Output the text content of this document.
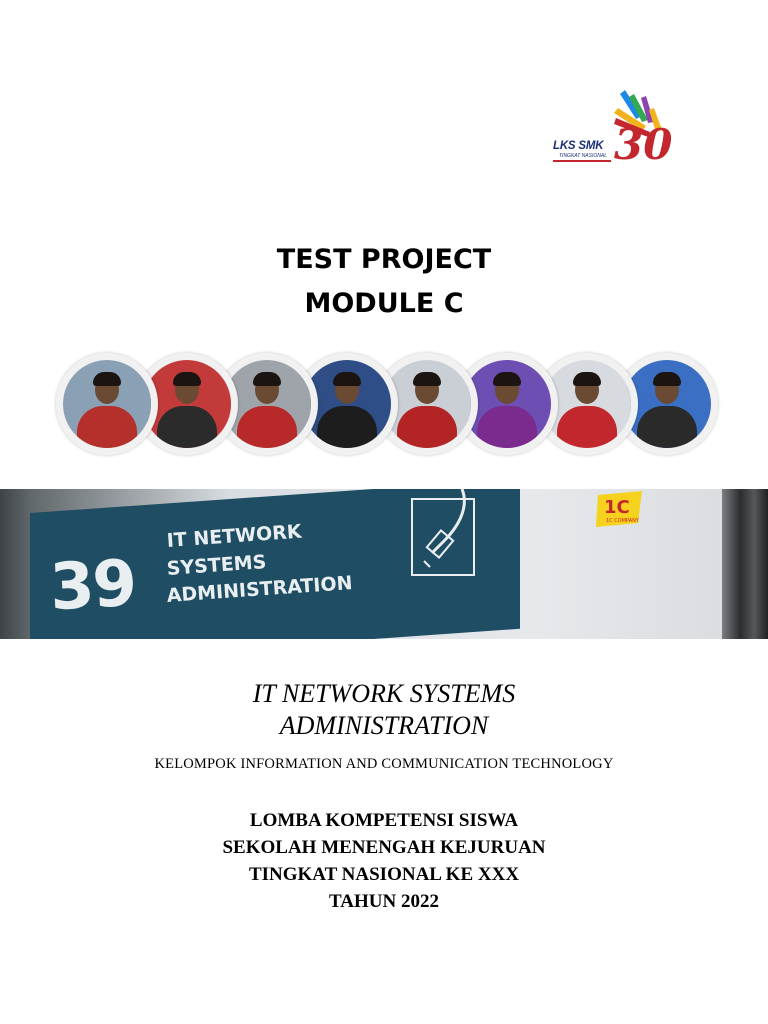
LKS SMK
TINGKAT NASIONAL 30
TEST PROJECT
MODULE C
39
IT NETWORK
SYSTEMS
ADMINISTRATION
1C
1C COMPANY
IT NETWORK SYSTEMS
ADMINISTRATION
KELOMPOK INFORMATION AND COMMUNICATION TECHNOLOGY
LOMBA KOMPETENSI SISWA
SEKOLAH MENENGAH KEJURUAN
TINGKAT NASIONAL KE XXX
TAHUN 2022
